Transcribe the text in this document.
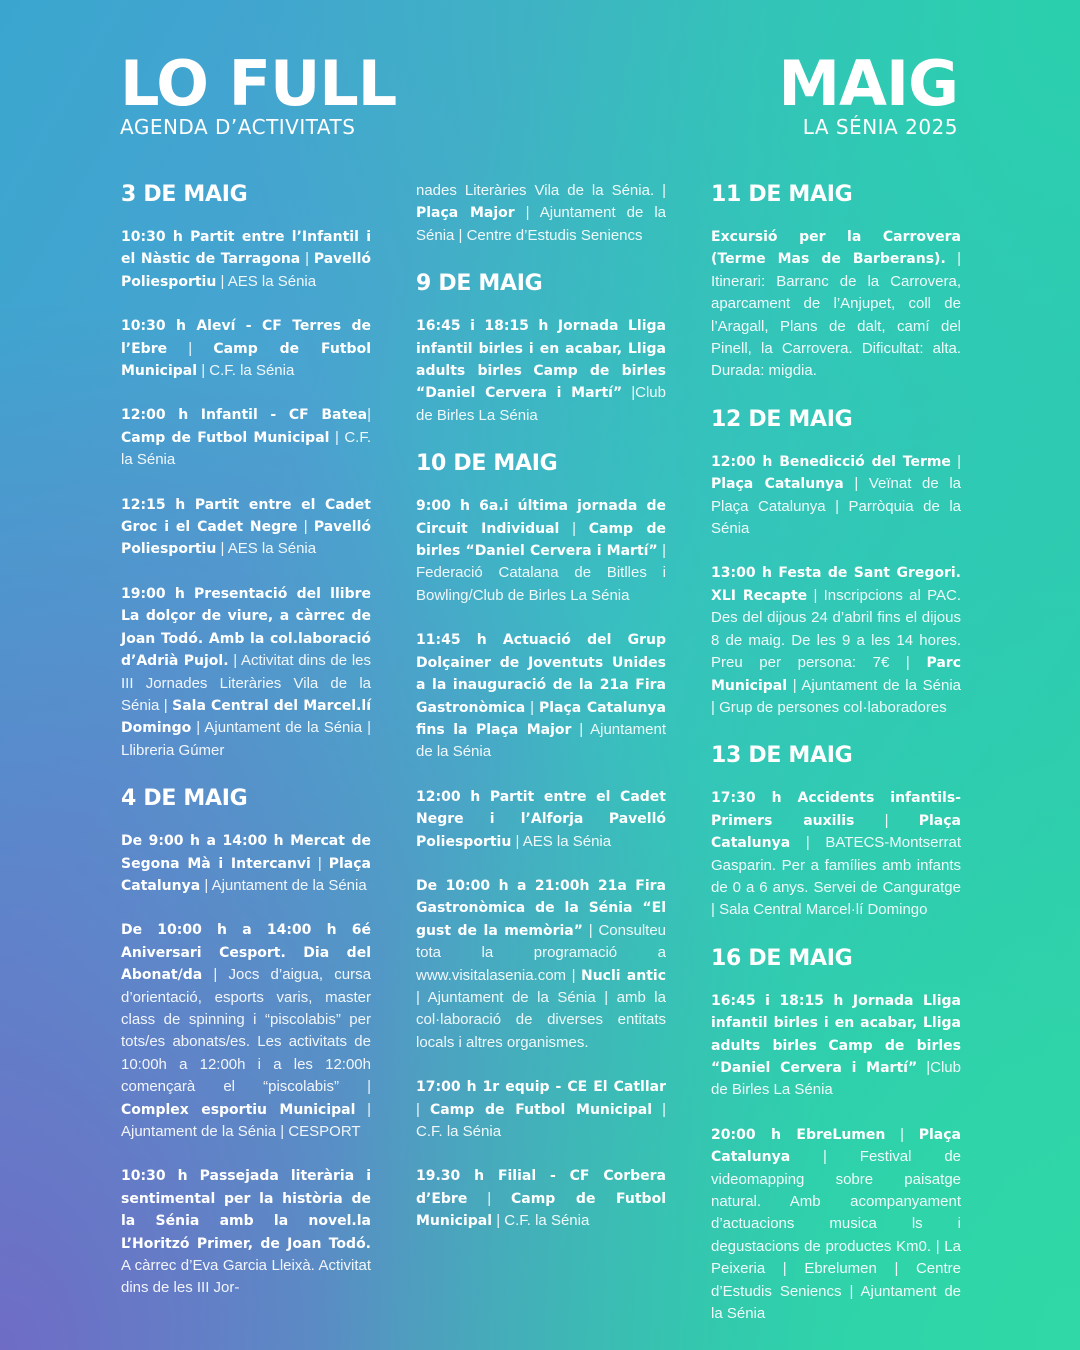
LO FULL
AGENDA D’ACTIVITATS
MAIG
LA SÉNIA 2025
3 DE MAIG
10:30 h Partit entre l’Infantil i el Nàstic de Tarragona | Pavelló Poliesportiu | AES la Sénia
10:30 h Aleví - CF Terres de l’Ebre | Camp de Futbol Municipal | C.F. la Sénia
12:00 h Infantil - CF Batea| Camp de Futbol Municipal | C.F. la Sénia
12:15 h Partit entre el Cadet Groc i el Cadet Negre | Pavelló Poliesportiu | AES la Sénia
19:00 h Presentació del llibre La dolçor de viure, a càrrec de Joan Todó. Amb la col.laboració d’Adrià Pujol. | Activitat dins de les III Jornades Literàries Vila de la Sénia | Sala Central del Marcel.lí Domingo | Ajuntament de la Sénia | Llibreria Gúmer
4 DE MAIG
De 9:00 h a 14:00 h Mercat de Segona Mà i Intercanvi | Plaça Catalunya | Ajuntament de la Sénia
De 10:00 h a 14:00 h 6é Aniversari Cesport. Dia del Abonat/da | Jocs d’aigua, cursa d’orientació, esports varis, master class de spinning i “piscolabis” per tots/es abonats/es. Les activitats de 10:00h a 12:00h i a les 12:00h començarà el “piscolabis” | Complex esportiu Municipal | Ajuntament de la Sénia | CESPORT
10:30 h Passejada literària i sentimental per la història de la Sénia amb la novel.la L’Horitzó Primer, de Joan Todó. A càrrec d’Eva Garcia Lleixà. Activitat dins de les III Jor-
nades Literàries Vila de la Sénia. | Plaça Major | Ajuntament de la Sénia | Centre d’Estudis Seniencs
9 DE MAIG
16:45 i 18:15 h Jornada Lliga infantil birles i en acabar, Lliga adults birles Camp de birles “Daniel Cervera i Martí” |Club de Birles La Sénia
10 DE MAIG
9:00 h 6a.i última jornada de Circuit Individual | Camp de birles “Daniel Cervera i Martí” | Federació Catalana de Bitlles i Bowling/Club de Birles La Sénia
11:45 h Actuació del Grup Dolçainer de Joventuts Unides a la inauguració de la 21a Fira Gastronòmica | Plaça Catalunya fins la Plaça Major | Ajuntament de la Sénia
12:00 h Partit entre el Cadet Negre i l’Alforja Pavelló Poliesportiu | AES la Sénia
De 10:00 h a 21:00h 21a Fira Gastronòmica de la Sénia “El gust de la memòria” | Consulteu tota la programació a www.visitalasenia.com | Nucli antic | Ajuntament de la Sénia | amb la col·laboració de diverses entitats locals i altres organismes.
17:00 h 1r equip - CE El Catllar | Camp de Futbol Municipal | C.F. la Sénia
19.30 h Filial - CF Corbera d’Ebre | Camp de Futbol Municipal | C.F. la Sénia
11 DE MAIG
Excursió per la Carrovera (Terme Mas de Barberans). | Itinerari: Barranc de la Carrovera, aparcament de l’Anjupet, coll de l’Aragall, Plans de dalt, camí del Pinell, la Carrovera. Dificultat: alta. Durada: migdia.
12 DE MAIG
12:00 h Benedicció del Terme | Plaça Catalunya | Veïnat de la Plaça Catalunya | Parròquia de la Sénia
13:00 h Festa de Sant Gregori. XLI Recapte | Inscripcions al PAC. Des del dijous 24 d’abril fins el dijous 8 de maig. De les 9 a les 14 hores. Preu per persona: 7€ | Parc Municipal | Ajuntament de la Sénia | Grup de persones col·laboradores
13 DE MAIG
17:30 h Accidents infantils- Primers auxilis | Plaça Catalunya | BATECS-Montserrat Gasparin. Per a famílies amb infants de 0 a 6 anys. Servei de Canguratge | Sala Central Marcel·lí Domingo
16 DE MAIG
16:45 i 18:15 h Jornada Lliga infantil birles i en acabar, Lliga adults birles Camp de birles “Daniel Cervera i Martí” |Club de Birles La Sénia
20:00 h EbreLumen | Plaça Catalunya | Festival de videomapping sobre paisatge natural. Amb acompanyament d’actuacions musica ls i degustacions de productes Km0. | La Peixeria | Ebrelumen | Centre d’Estudis Seniencs | Ajuntament de la Sénia
